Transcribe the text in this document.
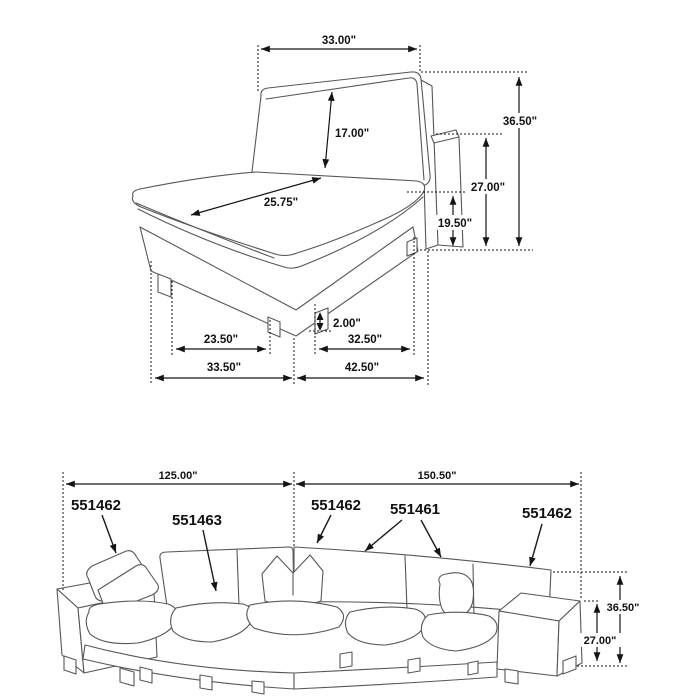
33.00"
36.50"
27.00"
19.50"
17.00"
25.75"
2.00"
23.50"	32.50"
33.50"	42.50"
125.00"	150.50"
36.50"
27.00"
551462
551463
551462 551461	551462
